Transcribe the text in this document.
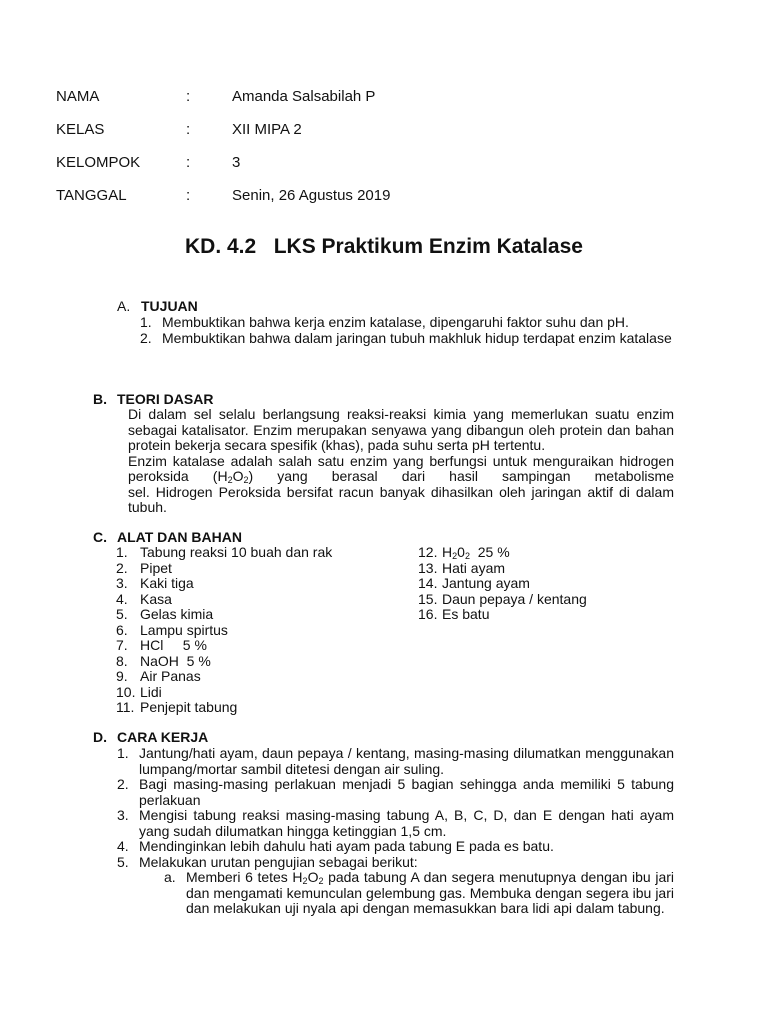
NAMA	:	Amanda Salsabilah P
KELAS	:	XII MIPA 2
KELOMPOK	:	3
TANGGAL	:	Senin, 26 Agustus 2019
KD. 4.2   LKS Praktikum Enzim Katalase
A. TUJUAN
1. Membuktikan bahwa kerja enzim katalase, dipengaruhi faktor suhu dan pH.
2. Membuktikan bahwa dalam jaringan tubuh makhluk hidup terdapat enzim katalase
B. TEORI DASAR
Di dalam sel selalu berlangsung reaksi-reaksi kimia yang memerlukan suatu enzim sebagai katalisator. Enzim merupakan senyawa yang dibangun oleh protein dan bahan protein bekerja secara spesifik (khas), pada suhu serta pH tertentu.
Enzim katalase adalah salah satu enzim yang berfungsi untuk menguraikan hidrogen
peroksida $(H_2O_2)$ yang berasal dari hasil sampingan metabolisme
sel. Hidrogen Peroksida bersifat racun banyak dihasilkan oleh jaringan aktif di dalam tubuh.
C. ALAT DAN BAHAN
1. Tabung reaksi 10 buah dan rak
2. Pipet
3. Kaki tiga
4. Kasa
5. Gelas kimia
6. Lampu spirtus
7. HCl     5 %
8. NaOH  5 %
9. Air Panas
10. Lidi
11. Penjepit tabung
12. $H_20_2$  25 %
13. Hati ayam
14. Jantung ayam
15. Daun pepaya / kentang
16. Es batu
D. CARA KERJA
1. Jantung/hati ayam, daun pepaya / kentang, masing-masing dilumatkan menggunakan lumpang/mortar sambil ditetesi dengan air suling.
2. Bagi masing-masing perlakuan menjadi 5 bagian sehingga anda memiliki 5 tabung perlakuan
3. Mengisi tabung reaksi masing-masing tabung A, B, C, D, dan E dengan hati ayam yang sudah dilumatkan hingga ketinggian 1,5 cm.
4. Mendinginkan lebih dahulu hati ayam pada tabung E pada es batu.
5. Melakukan urutan pengujian sebagai berikut:
a. Memberi 6 tetes $H_2O_2$ pada tabung A dan segera menutupnya dengan ibu jari dan mengamati kemunculan gelembung gas. Membuka dengan segera ibu jari dan melakukan uji nyala api dengan memasukkan bara lidi api dalam tabung.
